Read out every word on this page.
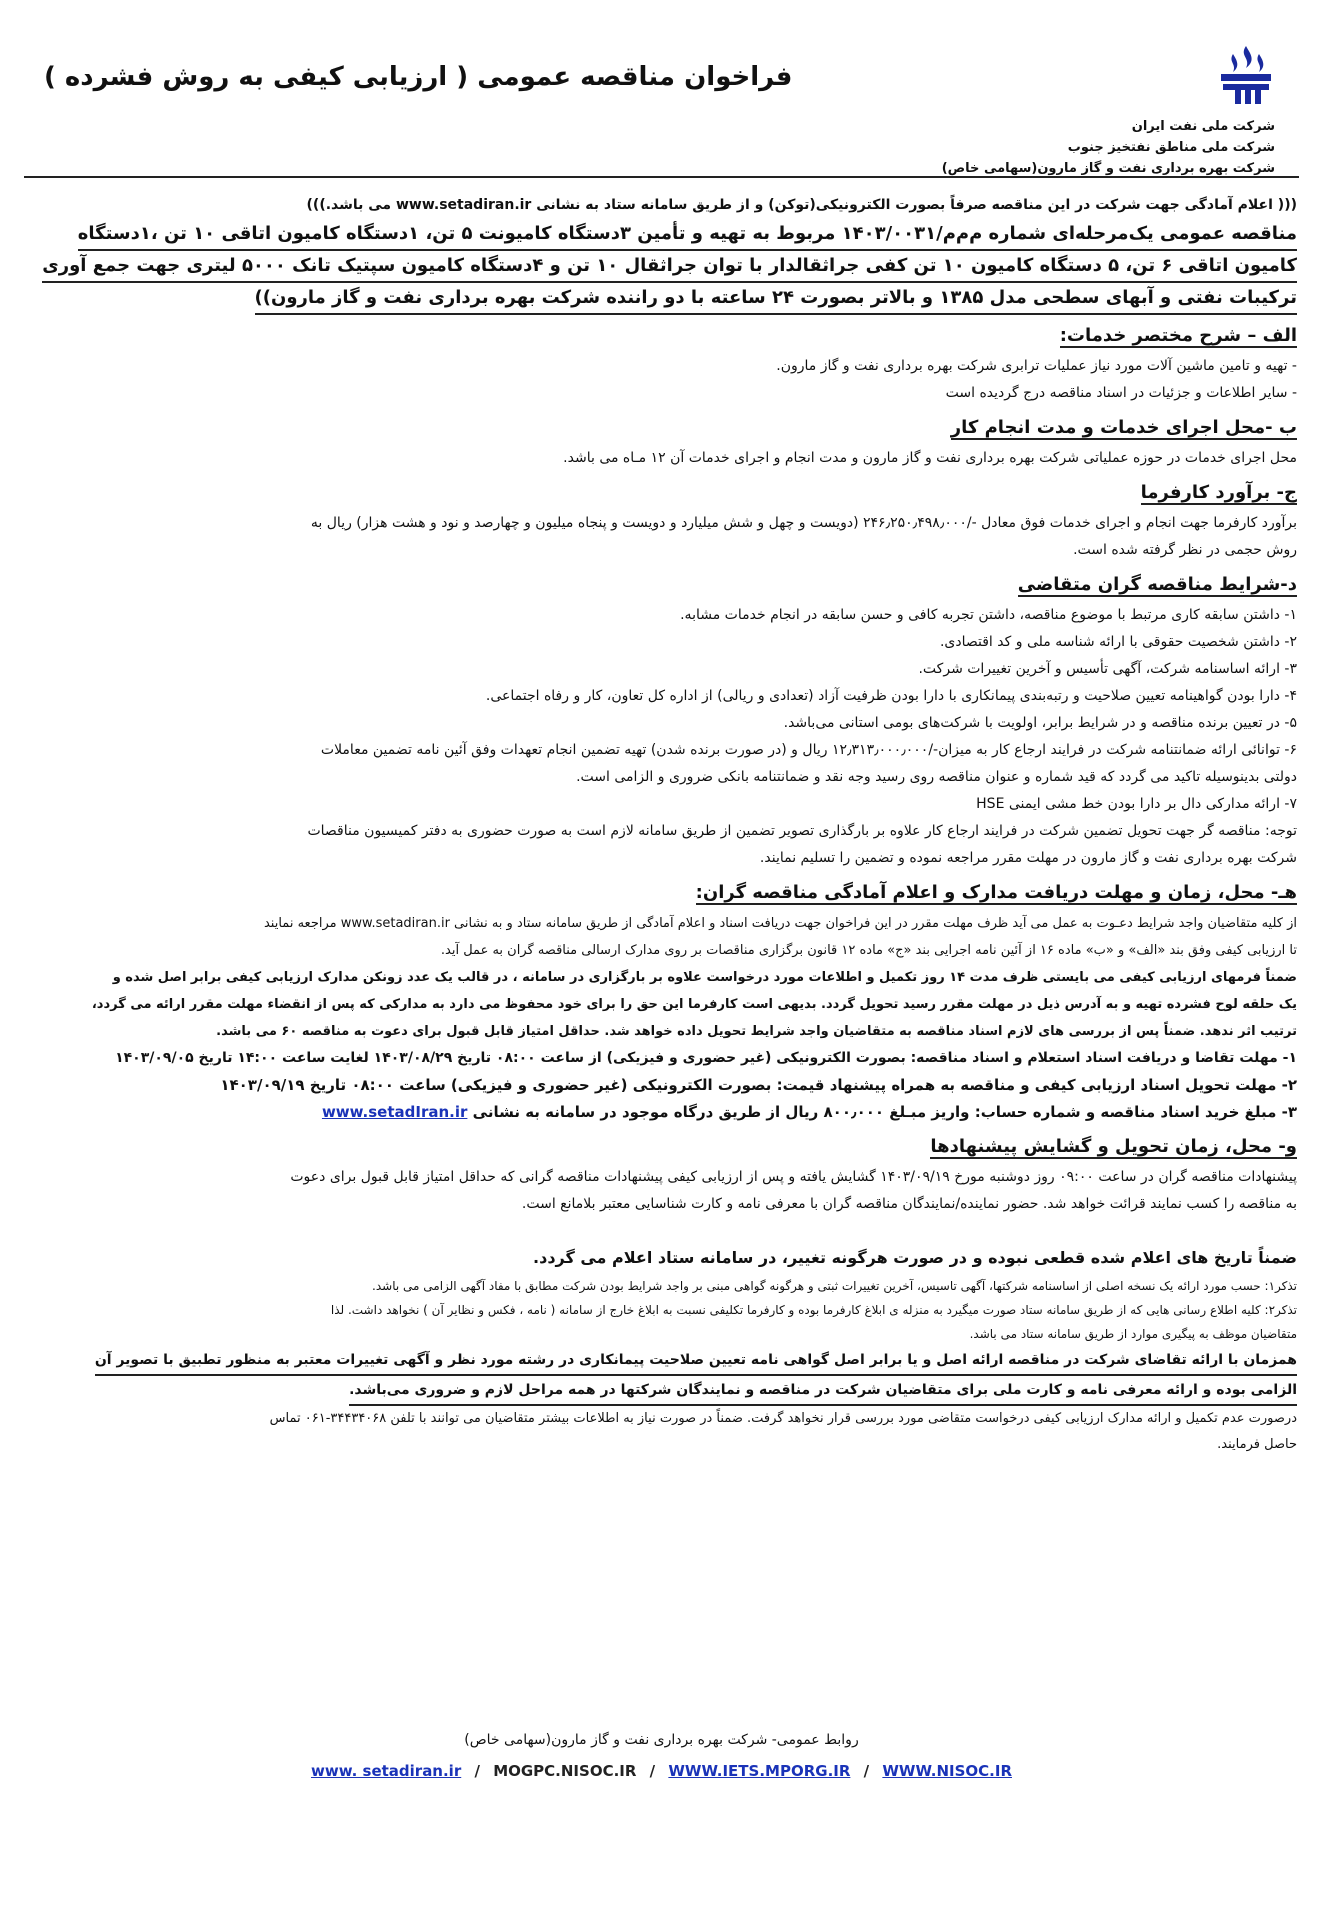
شرکت ملی نفت ایران
شرکت ملی مناطق نفتخیز جنوب
شرکت بهره برداری نفت و گاز مارون(سهامی خاص)
فراخوان مناقصه عمومی ( ارزیابی کیفی به روش فشرده )
((( اعلام آمادگی جهت شرکت در این مناقصه صرفاً بصورت الکترونیکی(توکن) و از طریق سامانه ستاد به نشانی www.setadiran.ir می باشد.)))
مناقصه عمومی یک‌مرحله‌ای شماره م‌م‌م/۱۴۰۳/۰۰۳۱ مربوط به تهیه و تأمین ۳دستگاه کامیونت ۵ تن، ۱دستگاه کامیون اتاقی ۱۰ تن ،۱دستگاه
کامیون اتاقی ۶ تن، ۵ دستگاه کامیون ۱۰ تن کفی جراثقالدار با توان جراثقال ۱۰ تن و ۴دستگاه کامیون سپتیک تانک ۵۰۰۰ لیتری جهت جمع آوری
ترکیبات نفتی و آبهای سطحی مدل ۱۳۸۵ و بالاتر بصورت ۲۴ ساعته با دو راننده شرکت بهره برداری نفت و گاز مارون))
الف – شرح مختصر خدمات:
- تهیه و تامین ماشین آلات مورد نیاز عملیات ترابری شرکت بهره برداری نفت و گاز مارون.
- سایر اطلاعات و جزئیات در اسناد مناقصه درج گردیده است
ب -محل اجرای خدمات و مدت انجام کار
محل اجرای خدمات در حوزه عملیاتی شرکت بهره برداری نفت و گاز مارون و مدت انجام و اجرای خدمات آن ۱۲ مـاه می باشد.
ج- برآورد کارفرما
برآورد کارفرما جهت انجام و اجرای خدمات فوق معادل -/۲۴۶٫۲۵۰٫۴۹۸٫۰۰۰ (دویست و چهل و شش میلیارد و دویست و پنجاه میلیون و چهارصد و نود و هشت هزار) ریال به
روش حجمی در نظر گرفته شده است.
د-شرایط مناقصه گران متقاضی
۱- داشتن سابقه کاری مرتبط با موضوع مناقصه، داشتن تجربه کافی و حسن سابقه در انجام خدمات مشابه.
۲- داشتن شخصیت حقوقی با ارائه شناسه ملی و کد اقتصادی.
۳- ارائه اساسنامه شرکت، آگهی تأسیس و آخرین تغییرات شرکت.
۴- دارا بودن گواهینامه تعیین صلاحیت و رتبه‌بندی پیمانکاری با دارا بودن ظرفیت آزاد (تعدادی و ریالی) از اداره کل تعاون، کار و رفاه اجتماعی.
۵- در تعیین برنده مناقصه و در شرایط برابر، اولویت با شرکت‌های بومی استانی می‌باشد.
۶- توانائی ارائه ضمانتنامه شرکت در فرایند ارجاع کار به میزان-/۱۲٫۳۱۳٫۰۰۰٫۰۰۰ ریال و (در صورت برنده شدن) تهیه تضمین انجام تعهدات وفق آئین نامه تضمین معاملات
دولتی بدینوسیله تاکید می گردد که قید شماره و عنوان مناقصه روی رسید وجه نقد و ضمانتنامه بانکی ضروری و الزامی است.
۷- ارائه مدارکی دال بر دارا بودن خط مشی ایمنی HSE
توجه: مناقصه گر جهت تحویل تضمین شرکت در فرایند ارجاع کار علاوه بر بارگذاری تصویر تضمین از طریق سامانه لازم است به صورت حضوری به دفتر کمیسیون مناقصات
شرکت بهره برداری نفت و گاز مارون در مهلت مقرر مراجعه نموده و تضمین را تسلیم نمایند.
هـ- محل، زمان و مهلت دریافت مدارک و اعلام آمادگی مناقصه گران:
از کلیه متقاضیان واجد شرایط دعـوت به عمل می آید ظرف مهلت مقرر در این فراخوان جهت دریافت اسناد و اعلام آمادگی از طریق سامانه ستاد و به نشانی www.setadiran.ir مراجعه نمایند
تا ارزیابی کیفی وفق بند «الف» و «ب» ماده ۱۶ از آئین نامه اجرایی بند «ج» ماده ۱۲ قانون برگزاری مناقصات بر روی مدارک ارسالی مناقصه گران به عمل آید.
ضمناً فرمهای ارزیابی کیفی می بایستی ظرف مدت ۱۴ روز تکمیل و اطلاعات مورد درخواست علاوه بر بارگزاری در سامانه ، در قالب یک عدد زونکن مدارک ارزیابی کیفی برابر اصل شده و
یک حلقه لوح فشرده تهیه و به آدرس ذیل در مهلت مقرر رسید تحویل گردد. بدیهی است کارفرما این حق را برای خود محفوظ می دارد به مدارکی که پس از انقضاء مهلت مقرر ارائه می گردد،
ترتیب اثر ندهد. ضمناً پس از بررسی های لازم اسناد مناقصه به متقاضیان واجد شرایط تحویل داده خواهد شد. حداقل امتیاز قابل قبول برای دعوت به مناقصه ۶۰ می باشد.
۱- مهلت تقاضا و دریافت اسناد استعلام و اسناد مناقصه: بصورت الکترونیکی (غیر حضوری و فیزیکی) از ساعت ۰۸:۰۰ تاریخ ۱۴۰۳/۰۸/۲۹ لغایت ساعت ۱۴:۰۰ تاریخ ۱۴۰۳/۰۹/۰۵
۲- مهلت تحویل اسناد ارزیابی کیفی و مناقصه به همراه پیشنهاد قیمت: بصورت الکترونیکی (غیر حضوری و فیزیکی) ساعت ۰۸:۰۰ تاریخ ۱۴۰۳/۰۹/۱۹
۳- مبلغ خرید اسناد مناقصه و شماره حساب: واریز مبـلغ ۸۰۰٫۰۰۰ ریال از طریق درگاه موجود در سامانه به نشانی www.setadIran.ir
و- محل، زمان تحویل و گشایش پیشنهادها
پیشنهادات مناقصه گران در ساعت ۰۹:۰۰ روز دوشنبه مورخ ۱۴۰۳/۰۹/۱۹ گشایش یافته و پس از ارزیابی کیفی پیشنهادات مناقصه گرانی که حداقل امتیاز قابل قبول برای دعوت
به مناقصه را کسب نمایند قرائت خواهد شد. حضور نماینده/نمایندگان مناقصه گران با معرفی نامه و کارت شناسایی معتبر بلامانع است.
ضمناً تاریخ های اعلام شده قطعی نبوده و در صورت هرگونه تغییر، در سامانه ستاد اعلام می گردد.
تذکر۱: حسب مورد ارائه یک نسخه اصلی از اساسنامه شرکتها، آگهی تاسیس، آخرین تغییرات ثبتی و هرگونه گواهی مبنی بر واجد شرایط بودن شرکت مطابق با مفاد آگهی الزامی می باشد.
تذکر۲: کلیه اطلاع رسانی هایی که از طریق سامانه ستاد صورت میگیرد به منزله ی ابلاغ کارفرما بوده و کارفرما تکلیفی نسبت به ابلاغ خارج از سامانه ( نامه ، فکس و نظایر آن ) نخواهد داشت. لذا
متقاضیان موظف به پیگیری موارد از طریق سامانه ستاد می باشد.
همزمان با ارائه تقاضای شرکت در مناقصه ارائه اصل و یا برابر اصل گواهی نامه تعیین صلاحیت پیمانکاری در رشته مورد نظر و آگهی تغییرات معتبر به منظور تطبیق با تصویر آن
الزامی بوده و ارائه معرفی نامه و کارت ملی برای متقاضیان شرکت در مناقصه و نمایندگان شرکتها در همه مراحل لازم و ضروری می‌باشد.
درصورت عدم تکمیل و ارائه مدارک ارزیابی کیفی درخواست متقاضی مورد بررسی قرار نخواهد گرفت. ضمناً در صورت نیاز به اطلاعات بیشتر متقاضیان می توانند با تلفن ۳۴۴۳۴۰۶۸-۰۶۱ تماس
حاصل فرمایند.
روابط عمومی- شرکت بهره برداری نفت و گاز مارون(سهامی خاص)
www. setadiran.ir / MOGPC.NISOC.IR / WWW.IETS.MPORG.IR / WWW.NISOC.IR
